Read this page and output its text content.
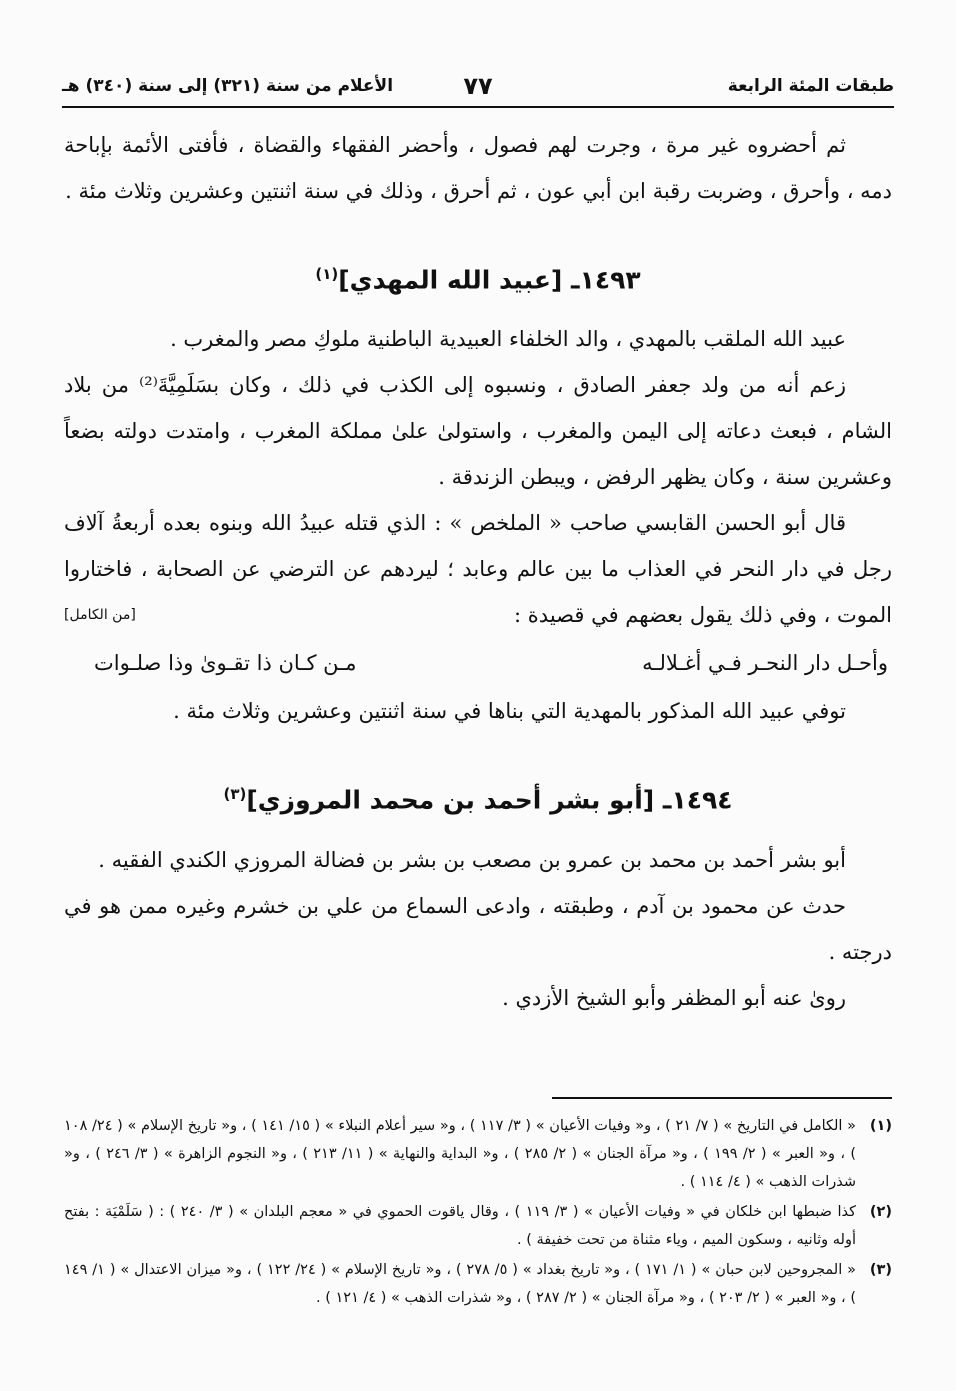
طبقات المئة الرابعة
٧٧
الأعلام من سنة (٣٢١) إلى سنة (٣٤٠) هـ

ثم أحضروه غير مرة ، وجرت لهم فصول ، وأحضر الفقهاء والقضاة ، فأفتى الأئمة بإباحة دمه ، وأحرق ، وضربت رقبة ابن أبي عون ، ثم أحرق ، وذلك في سنة اثنتين وعشرين وثلاث مئة .

١٤٩٣ـ [عبيد الله المهدي]$^{(١)}$

عبيد الله الملقب بالمهدي ، والد الخلفاء العبيدية الباطنية ملوكِ مصر والمغرب .

زعم أنه من ولد جعفر الصادق ، ونسبوه إلى الكذب في ذلك ، وكان بسَلَمِيَّةَ⁽²⁾ من بلاد الشام ، فبعث دعاته إلى اليمن والمغرب ، واستولىٰ علىٰ مملكة المغرب ، وامتدت دولته بضعاً وعشرين سنة ، وكان يظهر الرفض ، ويبطن الزندقة .

قال أبو الحسن القابسي صاحب « الملخص » : الذي قتله عبيدُ الله وبنوه بعده أربعةُ آلاف رجل في دار النحر في العذاب ما بين عالم وعابد ؛ ليردهم عن الترضي عن الصحابة ، فاختاروا الموت ، وفي ذلك يقول بعضهم في قصيدة :
[من الكامل]

وأحـل دار النحـر فـي أغـلالـه
مـن كـان ذا تقـوىٰ وذا صلـوات

توفي عبيد الله المذكور بالمهدية التي بناها في سنة اثنتين وعشرين وثلاث مئة .

١٤٩٤ـ [أبو بشر أحمد بن محمد المروزي]$^{(٣)}$

أبو بشر أحمد بن محمد بن عمرو بن مصعب بن بشر بن فضالة المروزي الكندي الفقيه .

حدث عن محمود بن آدم ، وطبقته ، وادعى السماع من علي بن خشرم وغيره ممن هو في درجته .

روىٰ عنه أبو المظفر وأبو الشيخ الأزدي .

(١)
« الكامل في التاريخ » ( ٧/ ٢١ ) ، و« وفيات الأعيان » ( ٣/ ١١٧ ) ، و« سير أعلام النبلاء » ( ١٥/ ١٤١ ) ، و« تاريخ الإسلام » ( ٢٤/ ١٠٨ ) ، و« العبر » ( ٢/ ١٩٩ ) ، و« مرآة الجنان » ( ٢/ ٢٨٥ ) ، و« البداية والنهاية » ( ١١/ ٢١٣ ) ، و« النجوم الزاهرة » ( ٣/ ٢٤٦ ) ، و« شذرات الذهب » ( ٤/ ١١٤ ) .
(٢)
كذا ضبطها ابن خلكان في « وفيات الأعيان » ( ٣/ ١١٩ ) ، وقال ياقوت الحموي في « معجم البلدان » ( ٣/ ٢٤٠ ) : ( سَلَمْيَة : بفتح أوله وثانيه ، وسكون الميم ، وياء مثناة من تحت خفيفة ) .
(٣)
« المجروحين لابن حبان » ( ١/ ١٧١ ) ، و« تاريخ بغداد » ( ٥/ ٢٧٨ ) ، و« تاريخ الإسلام » ( ٢٤/ ١٢٢ ) ، و« ميزان الاعتدال » ( ١/ ١٤٩ ) ، و« العبر » ( ٢/ ٢٠٣ ) ، و« مرآة الجنان » ( ٢/ ٢٨٧ ) ، و« شذرات الذهب » ( ٤/ ١٢١ ) .
